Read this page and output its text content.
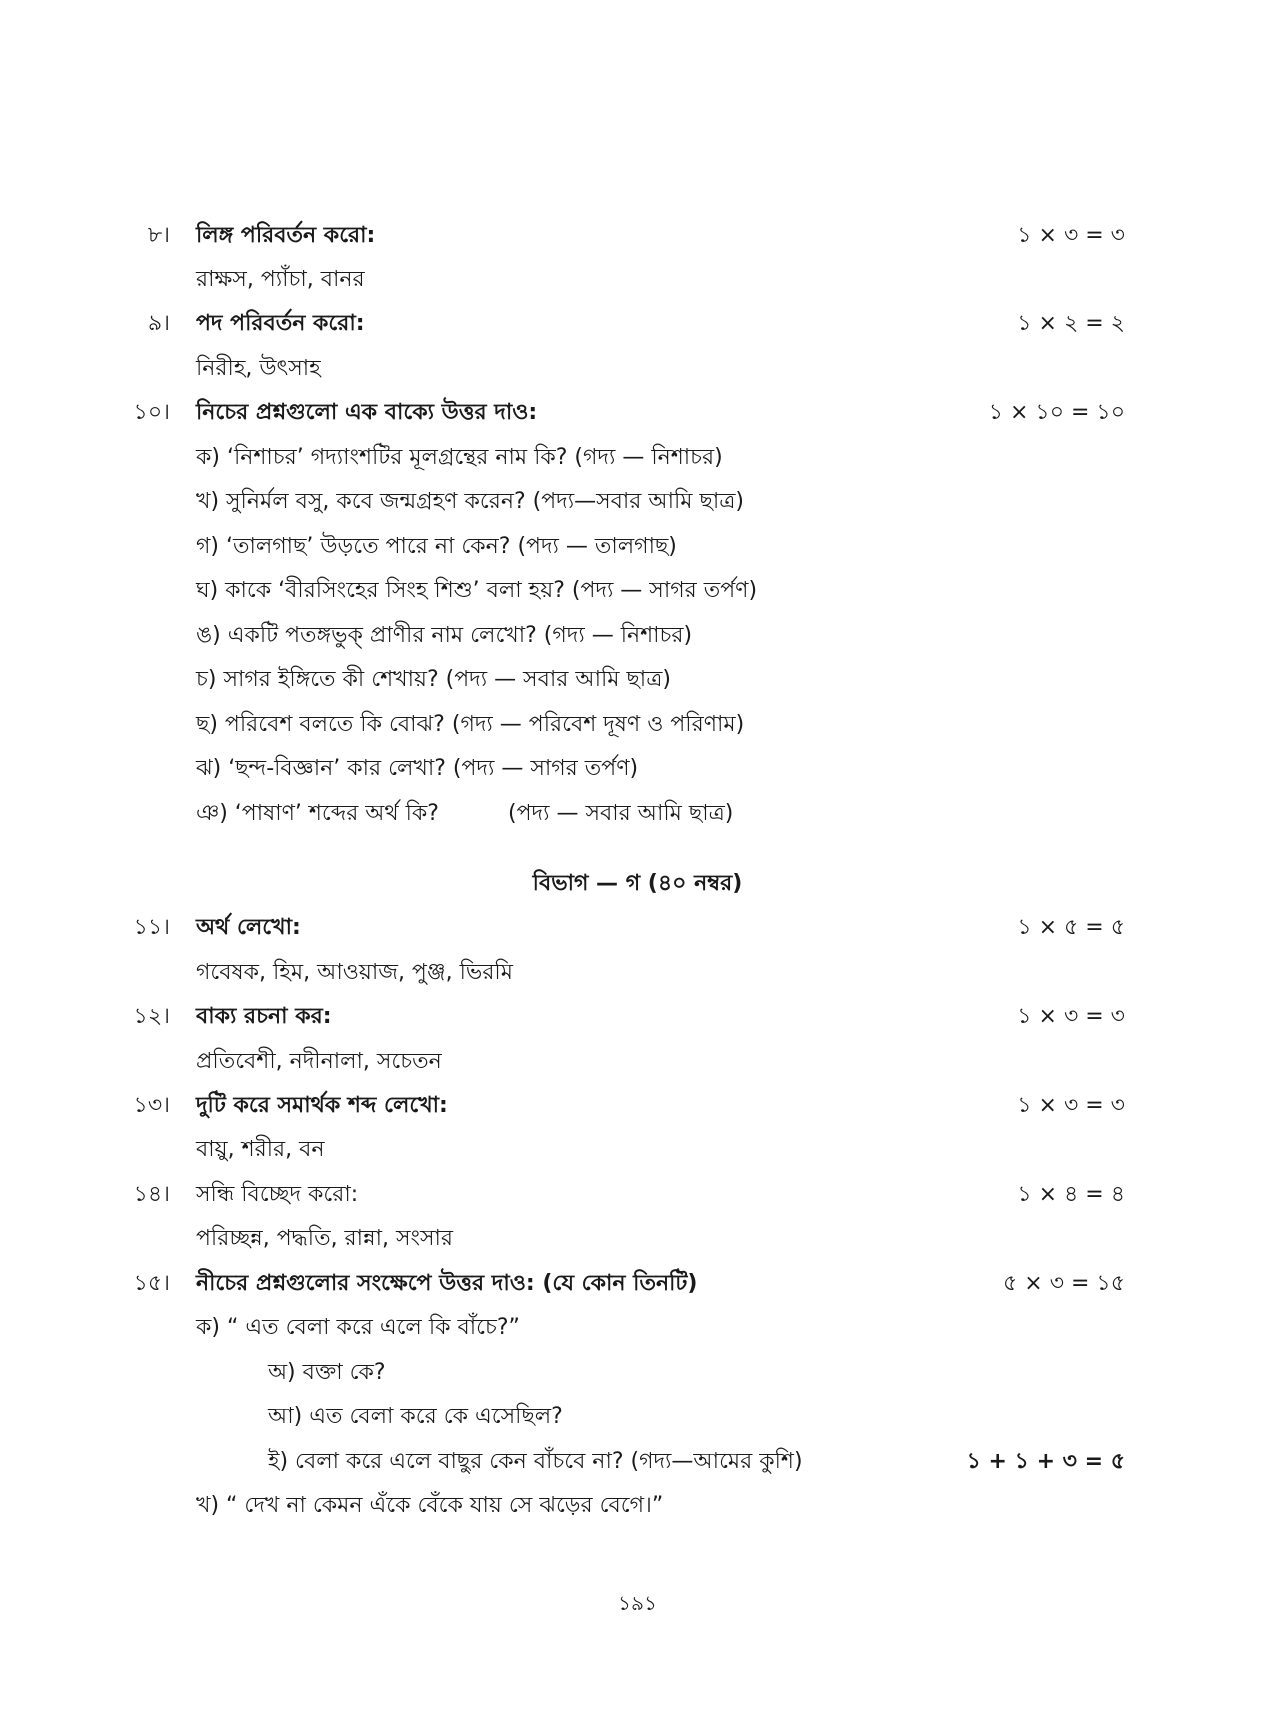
৮। লিঙ্গ পরিবর্তন করো:	১ × ৩ = ৩
রাক্ষস, প্যাঁচা, বানর
৯। পদ পরিবর্তন করো:	১ × ২ = ২
নিরীহ, উৎসাহ
১০। নিচের প্রশ্নগুলো এক বাক্যে উত্তর দাও:	১ × ১০ = ১০
ক) ‘নিশাচর’ গদ্যাংশটির মূলগ্রন্থের নাম কি? (গদ্য — নিশাচর)
খ) সুনির্মল বসু, কবে জন্মগ্রহণ করেন? (পদ্য—সবার আমি ছাত্র)
গ) ‘তালগাছ’ উড়তে পারে না কেন? (পদ্য — তালগাছ)
ঘ) কাকে ‘বীরসিংহের সিংহ শিশু’ বলা হয়? (পদ্য — সাগর তর্পণ)
ঙ) একটি পতঙ্গভুক্ প্রাণীর নাম লেখো? (গদ্য — নিশাচর)
চ) সাগর ইঙ্গিতে কী শেখায়? (পদ্য — সবার আমি ছাত্র)
ছ) পরিবেশ বলতে কি বোঝ? (গদ্য — পরিবেশ দূষণ ও পরিণাম)
ঝ) ‘ছন্দ-বিজ্ঞান’ কার লেখা? (পদ্য — সাগর তর্পণ)
ঞ) ‘পাষাণ’ শব্দের অর্থ কি?	(পদ্য — সবার আমি ছাত্র)
বিভাগ — গ (৪০ নম্বর)
১১। অর্থ লেখো:	১ × ৫ = ৫
গবেষক, হিম, আওয়াজ, পুঞ্জ, ভিরমি
১২। বাক্য রচনা কর:	১ × ৩ = ৩
প্রতিবেশী, নদীনালা, সচেতন
১৩। দুটি করে সমার্থক শব্দ লেখো:	১ × ৩ = ৩
বায়ু, শরীর, বন
১৪। সন্ধি বিচ্ছেদ করো:	১ × ৪ = ৪
পরিচ্ছন্ন, পদ্ধতি, রান্না, সংসার
১৫। নীচের প্রশ্নগুলোর সংক্ষেপে উত্তর দাও: (যে কোন তিনটি)	৫ × ৩ = ১৫
ক) “ এত বেলা করে এলে কি বাঁচে?”
অ) বক্তা কে?
আ) এত বেলা করে কে এসেছিল?
ই) বেলা করে এলে বাছুর কেন বাঁচবে না? (গদ্য—আমের কুশি)	১ + ১ + ৩ = ৫
খ) “ দেখ না কেমন এঁকে বেঁকে যায় সে ঝড়ের বেগে।”
১৯১
